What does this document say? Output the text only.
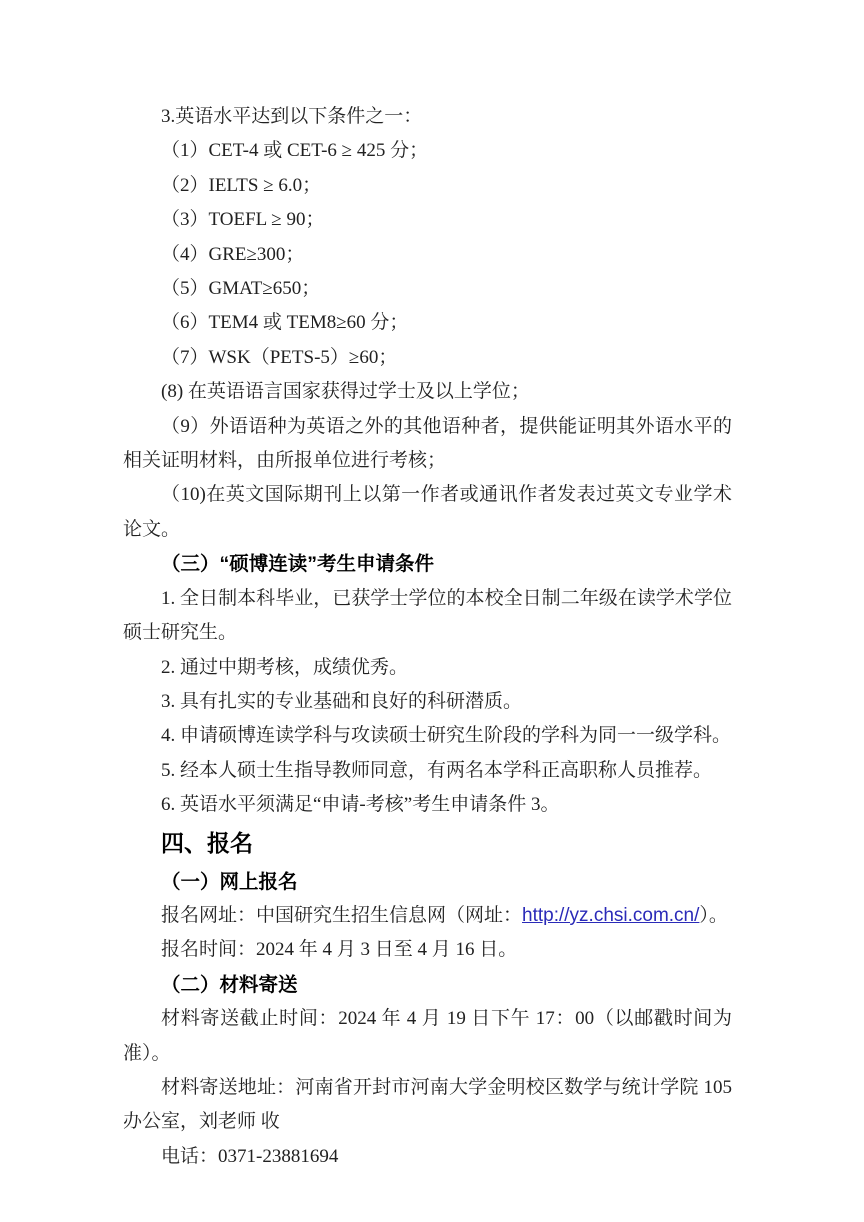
3.英语水平达到以下条件之一：

（1）CET-4 或 CET-6 ≥ 425 分；

（2）IELTS ≥ 6.0；

（3）TOEFL ≥ 90；

（4）GRE≥300；

（5）GMAT≥650；

（6）TEM4 或 TEM8≥60 分；

（7）WSK（PETS-5）≥60；

(8) 在英语语言国家获得过学士及以上学位；

（9）外语语种为英语之外的其他语种者，提供能证明其外语水平的相关证明材料，由所报单位进行考核；

（10)在英文国际期刊上以第一作者或通讯作者发表过英文专业学术论文。

（三）“硕博连读”考生申请条件

1. 全日制本科毕业，已获学士学位的本校全日制二年级在读学术学位硕士研究生。

2. 通过中期考核，成绩优秀。

3. 具有扎实的专业基础和良好的科研潜质。

4. 申请硕博连读学科与攻读硕士研究生阶段的学科为同一一级学科。

5. 经本人硕士生指导教师同意，有两名本学科正高职称人员推荐。

6. 英语水平须满足“申请-考核”考生申请条件 3。

四、报名

（一）网上报名

报名网址：中国研究生招生信息网（网址：http://yz.chsi.com.cn/）。

报名时间：2024 年 4 月 3 日至 4 月 16 日。

（二）材料寄送

材料寄送截止时间：2024 年 4 月 19 日下午 17：00（以邮戳时间为准）。

材料寄送地址：河南省开封市河南大学金明校区数学与统计学院 105 办公室，刘老师 收

电话：0371-23881694
